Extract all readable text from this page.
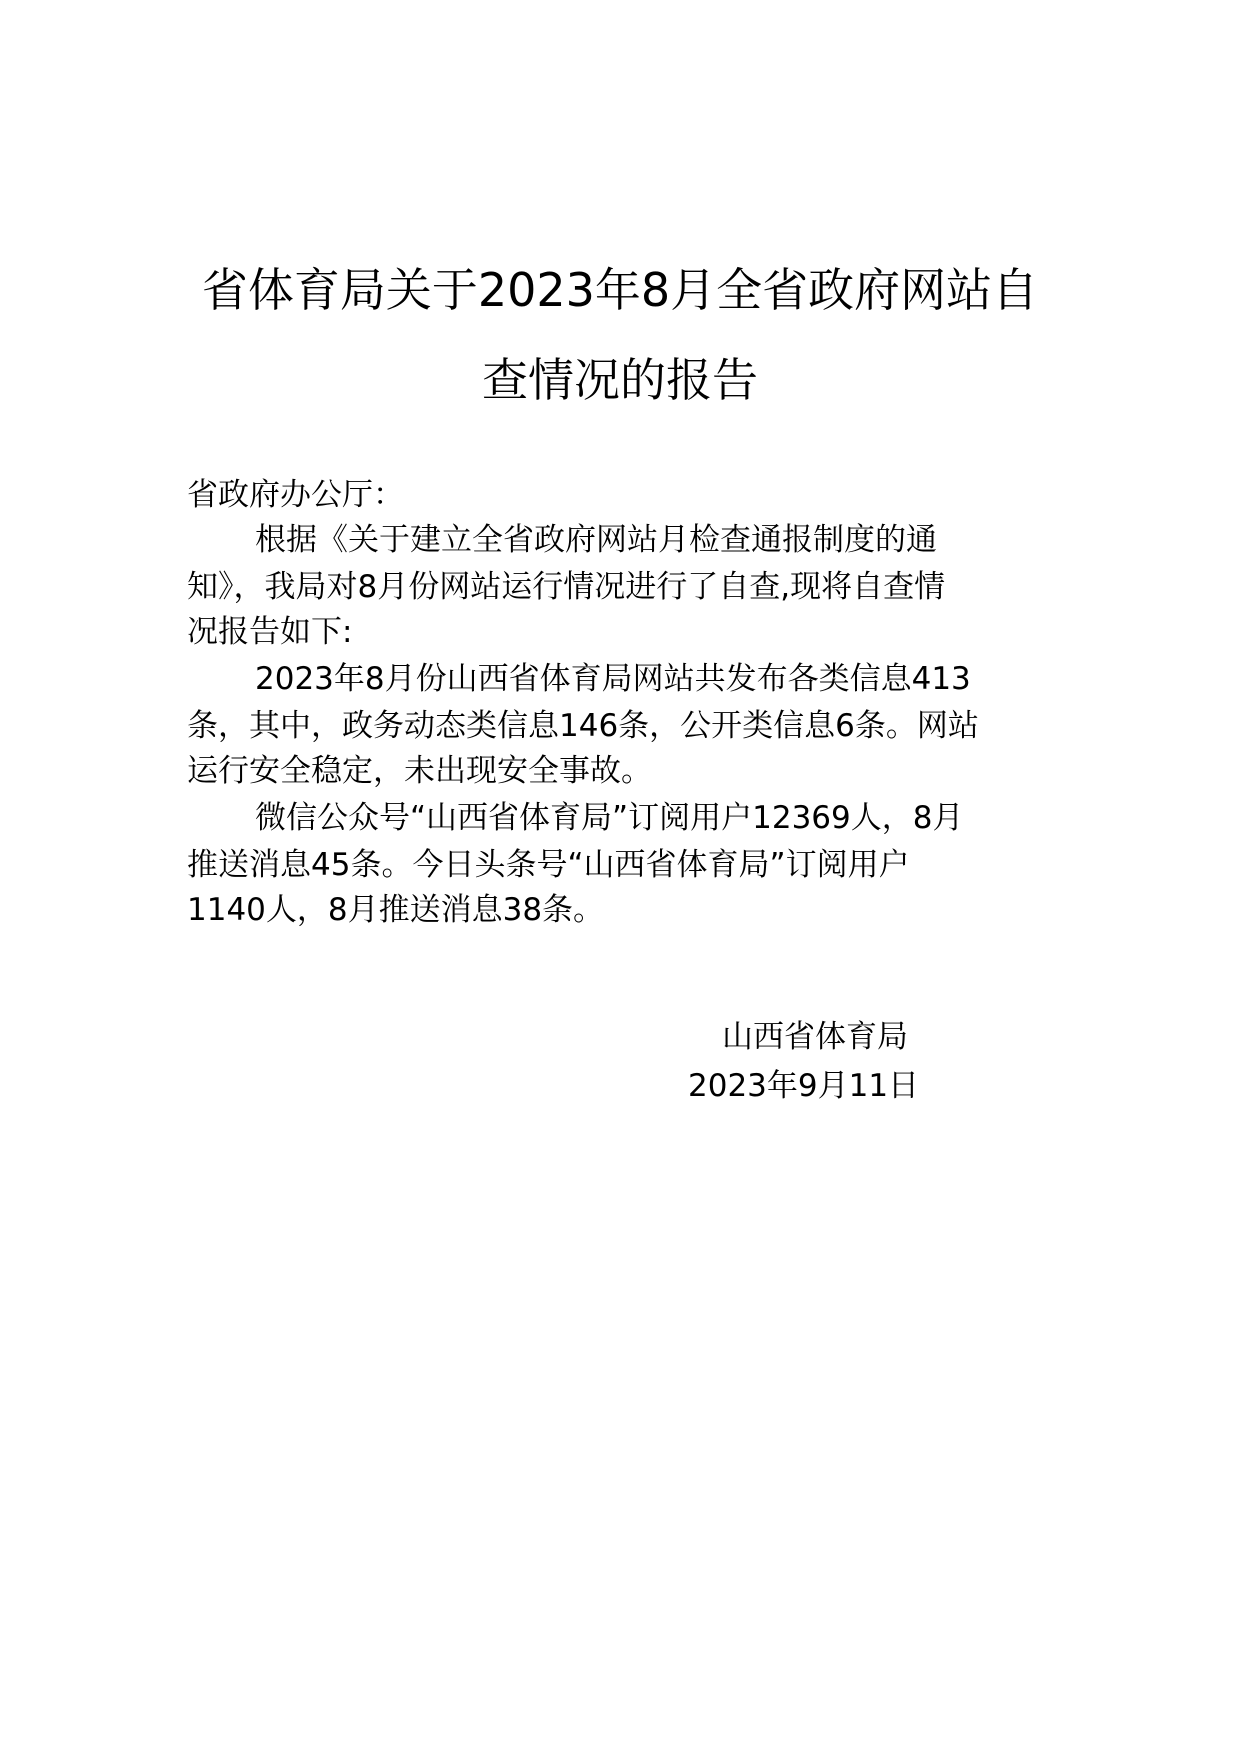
省体育局关于2023年8月全省政府网站自
查情况的报告
省政府办公厅：
根据《关于建立全省政府网站月检查通报制度的通
知》，我局对8月份网站运行情况进行了自查,现将自查情
况报告如下:
2023年8月份山西省体育局网站共发布各类信息413
条，其中，政务动态类信息146条，公开类信息6条。网站
运行安全稳定，未出现安全事故。
微信公众号“山西省体育局”订阅用户12369人，8月
推送消息45条。今日头条号“山西省体育局”订阅用户
1140人，8月推送消息38条。
山西省体育局
2023年9月11日
